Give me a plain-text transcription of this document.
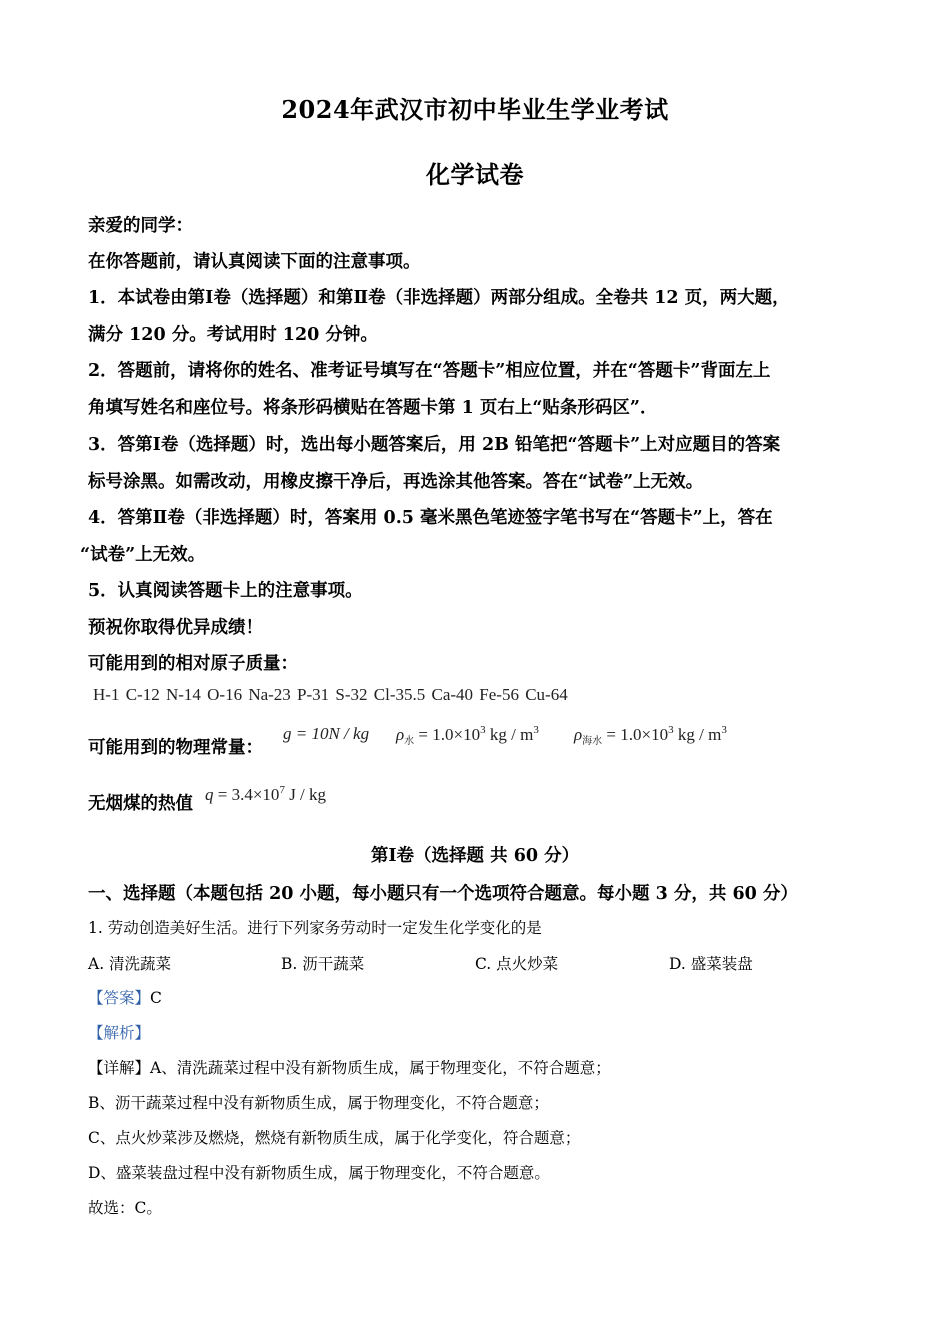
2024年武汉市初中毕业生学业考试
化学试卷
亲爱的同学：
在你答题前，请认真阅读下面的注意事项。
1．本试卷由第Ⅰ卷（选择题）和第Ⅱ卷（非选择题）两部分组成。全卷共 12 页，两大题，
满分 120 分。考试用时 120 分钟。
2．答题前，请将你的姓名、准考证号填写在“答题卡”相应位置，并在“答题卡”背面左上
角填写姓名和座位号。将条形码横贴在答题卡第 1 页右上“贴条形码区”．
3．答第Ⅰ卷（选择题）时，选出每小题答案后，用 2B 铅笔把“答题卡”上对应题目的答案
标号涂黑。如需改动，用橡皮擦干净后，再选涂其他答案。答在“试卷”上无效。
4．答第Ⅱ卷（非选择题）时，答案用 0.5 毫米黑色笔迹签字笔书写在“答题卡”上，答在
“试卷”上无效。
5．认真阅读答题卡上的注意事项。
预祝你取得优异成绩！
可能用到的相对原子质量：
H-1 C-12 N-14 O-16 Na-23 P-31 S-32 Cl-35.5 Ca-40 Fe-56 Cu-64
可能用到的物理常量：
g = 10N / kg $\rho_水 = 1.0\times 10^3$ kg / $m^3$ $\rho_{海水} = 1.0\times 10^3$ kg / $m^3$
无烟煤的热值 $q = 3.4\times 10^7$ J / kg
第Ⅰ卷（选择题 共 60 分）
一、选择题（本题包括 20 小题，每小题只有一个选项符合题意。每小题 3 分，共 60 分）
1. 劳动创造美好生活。进行下列家务劳动时一定发生化学变化的是
A. 清洗蔬菜	B. 沥干蔬菜	C. 点火炒菜	D. 盛菜装盘
【答案】C
【解析】
【详解】A、清洗蔬菜过程中没有新物质生成，属于物理变化，不符合题意；
B、沥干蔬菜过程中没有新物质生成，属于物理变化，不符合题意；
C、点火炒菜涉及燃烧，燃烧有新物质生成，属于化学变化，符合题意；
D、盛菜装盘过程中没有新物质生成，属于物理变化，不符合题意。
故选：C。
